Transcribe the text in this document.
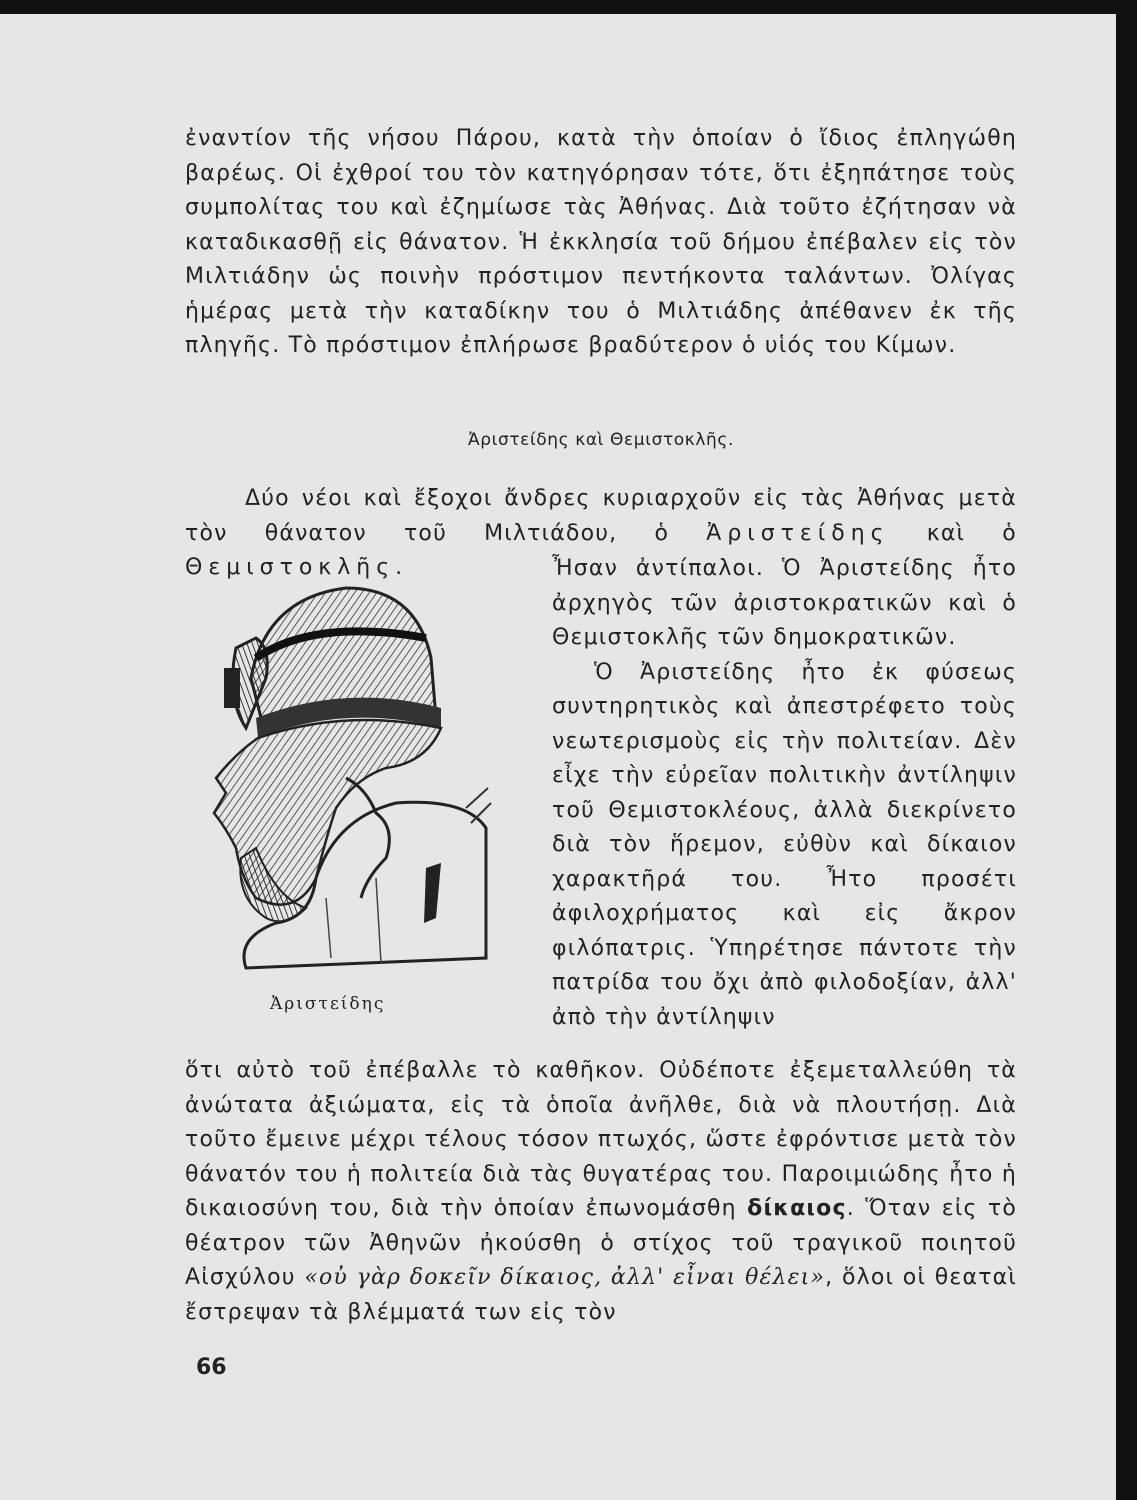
ἐναντίον τῆς νήσου Πάρου, κατὰ τὴν ὁποίαν ὁ ἴδιος ἐπληγώθη βαρέως. Οἱ ἐχθροί του τὸν κατηγόρησαν τότε, ὅτι ἐξηπάτησε τοὺς συμπολίτας του καὶ ἐζημίωσε τὰς Ἀθήνας. Διὰ τοῦτο ἐζήτησαν νὰ καταδικασθῇ εἰς θάνατον. Ἡ ἐκκλησία τοῦ δήμου ἐπέβαλεν εἰς τὸν Μιλτιάδην ὡς ποινὴν πρόστιμον πεντήκοντα ταλάντων. Ὀλίγας ἡμέρας μετὰ τὴν καταδίκην του ὁ Μιλτιάδης ἀπέθανεν ἐκ τῆς πληγῆς. Τὸ πρόστιμον ἐπλήρωσε βραδύτερον ὁ υἱός του Κίμων.

Ἀριστείδης καὶ Θεμιστοκλῆς.

Δύο νέοι καὶ ἔξοχοι ἄνδρες κυριαρχοῦν εἰς τὰς Ἀθήνας μετὰ τὸν θάνατον τοῦ Μιλτιάδου, ὁ Ἀριστείδης καὶ ὁ Θεμιστοκλῆς.	Ἦσαν ἀντίπαλοι. Ὁ Ἀριστείδης ἦτο ἀρχηγὸς τῶν ἀριστοκρατικῶν καὶ ὁ Θεμιστοκλῆς τῶν δημοκρατικῶν.
Ὁ Ἀριστείδης ἦτο ἐκ φύσεως συντηρητικὸς καὶ ἀπεστρέφετο τοὺς νεωτερισμοὺς εἰς τὴν πολιτείαν. Δὲν εἶχε τὴν εὐρεῖαν πολιτικὴν ἀντίληψιν τοῦ Θεμιστοκλέους, ἀλλὰ διεκρίνετο διὰ τὸν ἥρεμον, εὐθὺν καὶ δίκαιον χαρακτῆρά του. Ἦτο προσέτι ἀφιλοχρήματος καὶ εἰς ἄκρον φιλόπατρις. Ὑπηρέτησε πάντοτε τὴν πατρίδα του ὄχι ἀπὸ φιλοδοξίαν, ἀλλ' ἀπὸ τὴν ἀντίληψιν
Ἀριστείδης

ὅτι αὐτὸ τοῦ ἐπέβαλλε τὸ καθῆκον. Οὐδέποτε ἐξεμεταλλεύθη τὰ ἀνώτατα ἀξιώματα, εἰς τὰ ὁποῖα ἀνῆλθε, διὰ νὰ πλουτήσῃ. Διὰ τοῦτο ἔμεινε μέχρι τέλους τόσον πτωχός, ὥστε ἐφρόντισε μετὰ τὸν θάνατόν του ἡ πολιτεία διὰ τὰς θυγατέρας του. Παροιμιώδης ἦτο ἡ δικαιοσύνη του, διὰ τὴν ὁποίαν ἐπωνομάσθη δίκαιος. Ὅταν εἰς τὸ θέατρον τῶν Ἀθηνῶν ἠκούσθη ὁ στίχος τοῦ τραγικοῦ ποιητοῦ Αἰσχύλου «οὐ γὰρ δοκεῖν δίκαιος, ἀλλ' εἶναι θέλει», ὅλοι οἱ θεαταὶ ἔστρεψαν τὰ βλέμματά των εἰς τὸν

66
